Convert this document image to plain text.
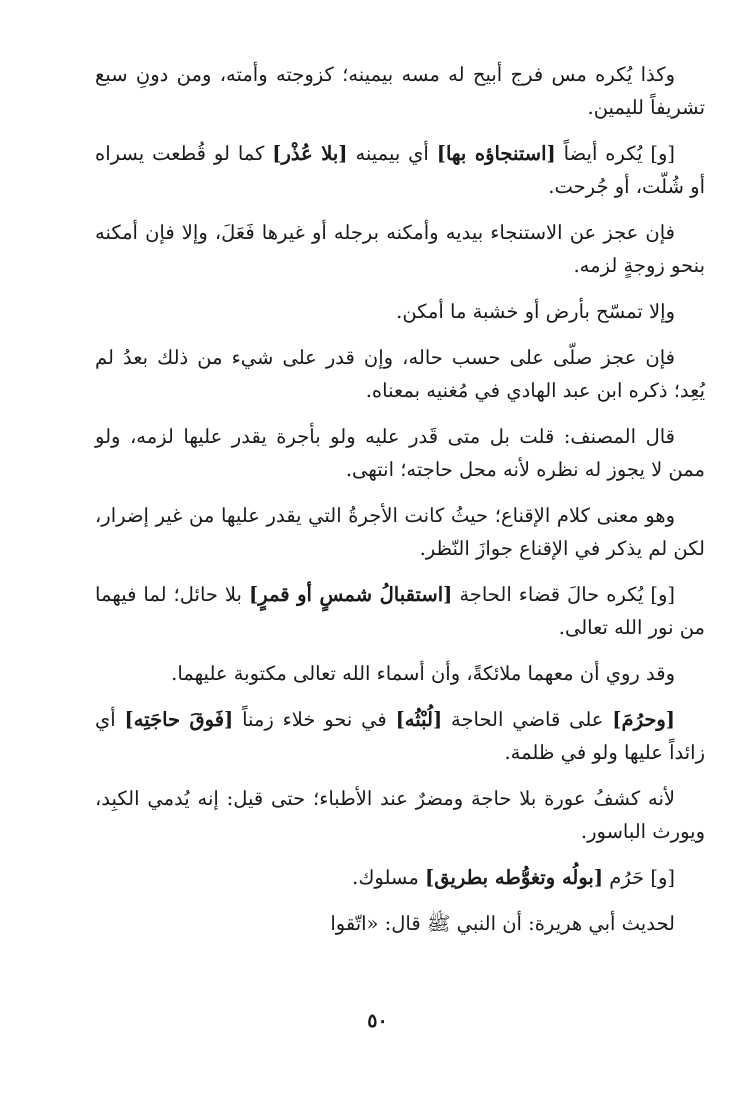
وكذا يُكره مس فرج أبيح له مسه بيمينه؛ كزوجته وأمته، ومن دونِ سبع تشريفاً لليمين.

[و] يُكره أيضاً [استنجاؤه بها] أي بيمينه [بلا عُذْر] كما لو قُطعت يسراه أو شُلّت، أو جُرحت.

فإن عجز عن الاستنجاء بيديه وأمكنه برجله أو غيرها فَعَلَ، وإلا فإن أمكنه بنحو زوجةٍ لزمه.

وإلا تمسّح بأرض أو خشبة ما أمكن.

فإن عجز صلّى على حسب حاله، وإن قدر على شيء من ذلك بعدُ لم يُعِد؛ ذكره ابن عبد الهادي في مُغنيه بمعناه.

قال المصنف: قلت بل متى قَدر عليه ولو بأجرة يقدر عليها لزمه، ولو ممن لا يجوز له نظره لأنه محل حاجته؛ انتهى.

وهو معنى كلام الإقناع؛ حيثُ كانت الأجرةُ التي يقدر عليها من غير إضرار، لكن لم يذكر في الإقناع جوازَ النّظر.

[و] يُكره حالَ قضاء الحاجة [استقبالُ شمسٍ أو قمرٍ] بلا حائل؛ لما فيهما من نور الله تعالى.

وقد روي أن معهما ملائكةً، وأن أسماء الله تعالى مكتوبة عليهما.

[وحرُمَ] على قاضي الحاجة [لُبْثُه] في نحو خلاء زمناً [فَوقَ حاجَتِه] أي زائداً عليها ولو في ظلمة.

لأنه كشفُ عورة بلا حاجة ومضرٌ عند الأطباء؛ حتى قيل: إنه يُدمي الكبِد، ويورث الباسور.

[و] حَرُم [بولُه وتغوُّطه بطريق] مسلوك.

لحديث أبي هريرة: أن النبي ﷺ قال: «اتّقوا

٥٠
